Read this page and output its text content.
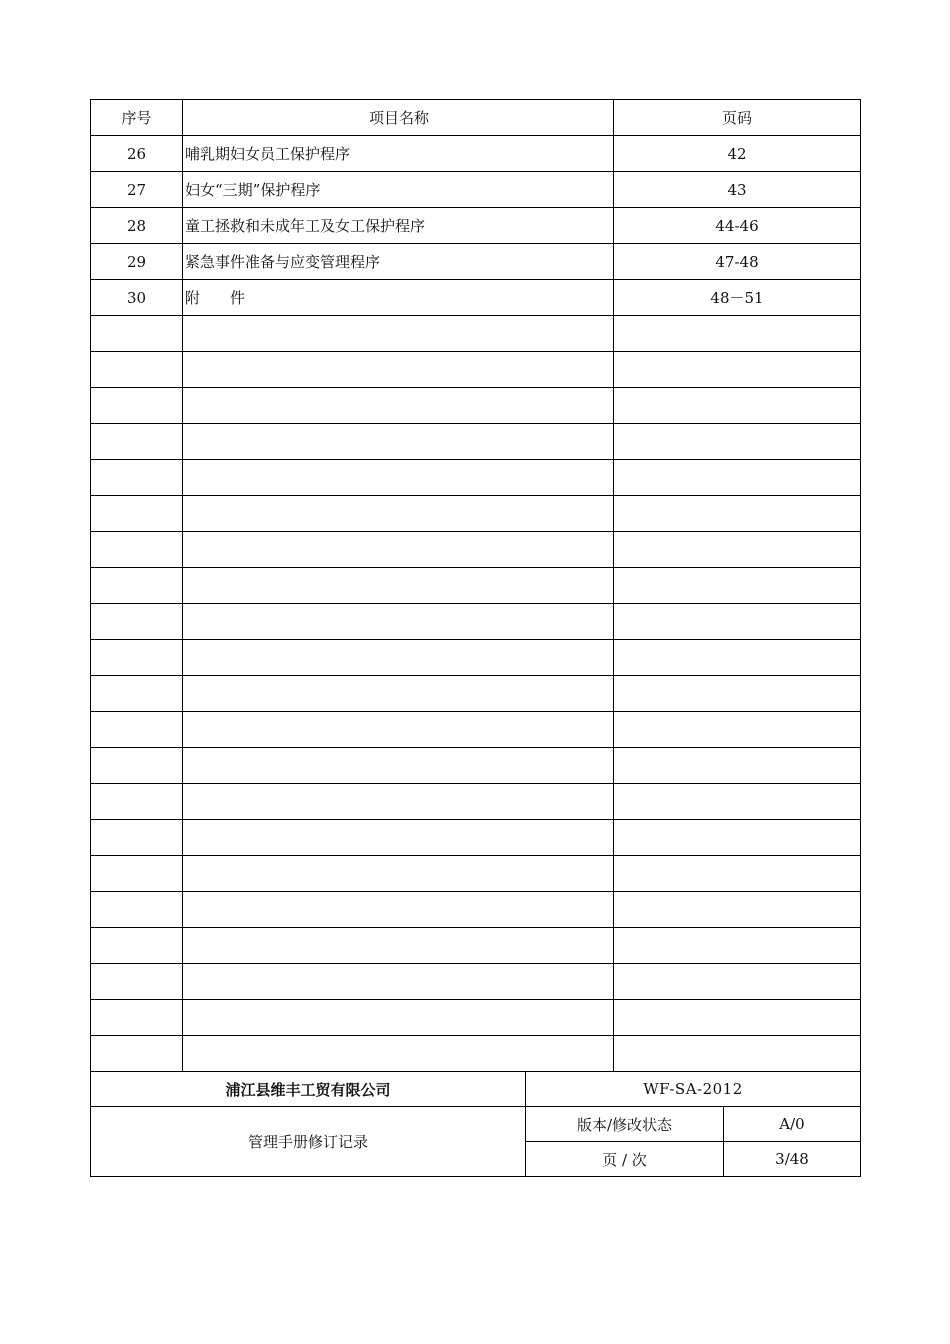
序号	项目名称	页码
26	哺乳期妇女员工保护程序	42
27	妇女“三期”保护程序	43
28	童工拯救和未成年工及女工保护程序	44-46
29	紧急事件准备与应变管理程序	47-48
30	附　　件	48－51

浦江县维丰工贸有限公司	WF-SA-2012	
管理手册修订记录	版本/修改状态	A/0
	页 / 次	3/48
